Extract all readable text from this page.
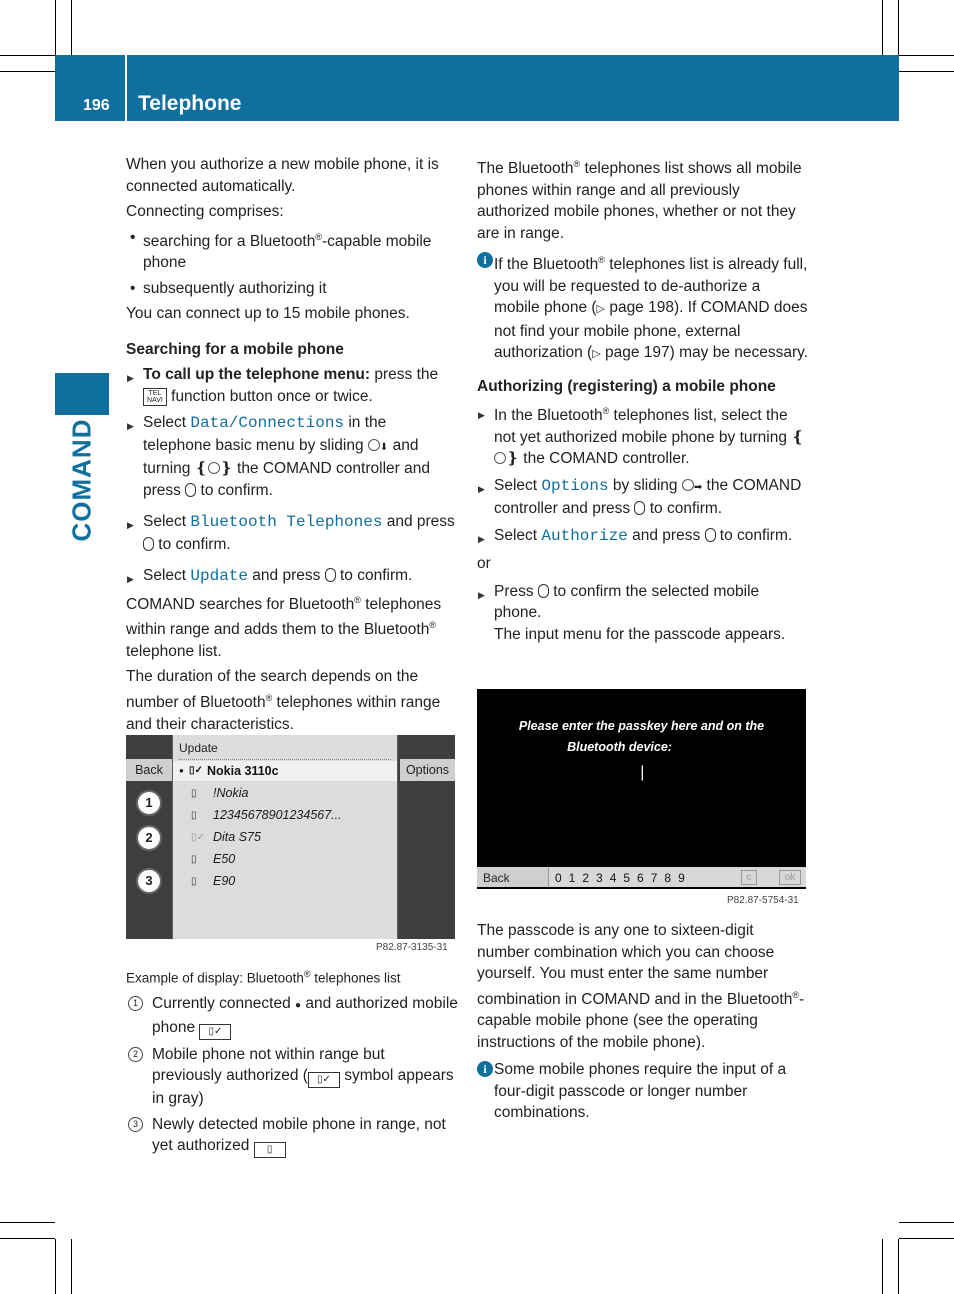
196 Telephone
COMAND

When you authorize a new mobile phone, it is connected automatically.

Connecting comprises:

• searching for a Bluetooth®-capable mobile phone
• subsequently authorizing it

You can connect up to 15 mobile phones.

Searching for a mobile phone
▶ To call up the telephone menu: press the
TEL
NAVI function button once or twice.
▶ Select Data/Connections in the telephone basic menu by sliding ⬇ and turning ❴ ❵ the COMAND controller and press  to confirm.
▶ Select Bluetooth Telephones and press  to confirm.
▶ Select Update and press  to confirm.

COMAND searches for Bluetooth® telephones within range and adds them to the Bluetooth® telephone list.

The duration of the search depends on the number of Bluetooth® telephones within range and their characteristics.

Back
Update
● ▯✓ Nokia 3110c
▯ !Nokia
▯ 12345678901234567...
▯✓ Dita S75
▯ E50
▯ E90
Options
1
2
3
P82.87-3135-31

Example of display: Bluetooth® telephones list

1 Currently connected ● and authorized mobile phone ▯✓
2 Mobile phone not within range but previously authorized ( ▯✓ symbol appears in gray)
3 Newly detected mobile phone in range, not yet authorized ▯

The Bluetooth® telephones list shows all mobile phones within range and all previously authorized mobile phones, whether or not they are in range.

i If the Bluetooth® telephones list is already full, you will be requested to de-authorize a mobile phone (▷ page 198). If COMAND does not find your mobile phone, external authorization (▷ page 197) may be necessary.
Authorizing (registering) a mobile phone
▶ In the Bluetooth® telephones list, select the not yet authorized mobile phone by turning ❴❵ the COMAND controller.
▶ Select Options by sliding ➡ the COMAND controller and press  to confirm.
▶ Select Authorize and press  to confirm.

or

▶ Press  to confirm the selected mobile phone.

The input menu for the passcode appears.

Please enter the passkey here and on the
Bluetooth device:
|
Back	0123456789	c	ok
P82.87-5754-31

The passcode is any one to sixteen-digit number combination which you can choose yourself. You must enter the same number combination in COMAND and in the Bluetooth®-capable mobile phone (see the operating instructions of the mobile phone).

i Some mobile phones require the input of a four-digit passcode or longer number combinations.
